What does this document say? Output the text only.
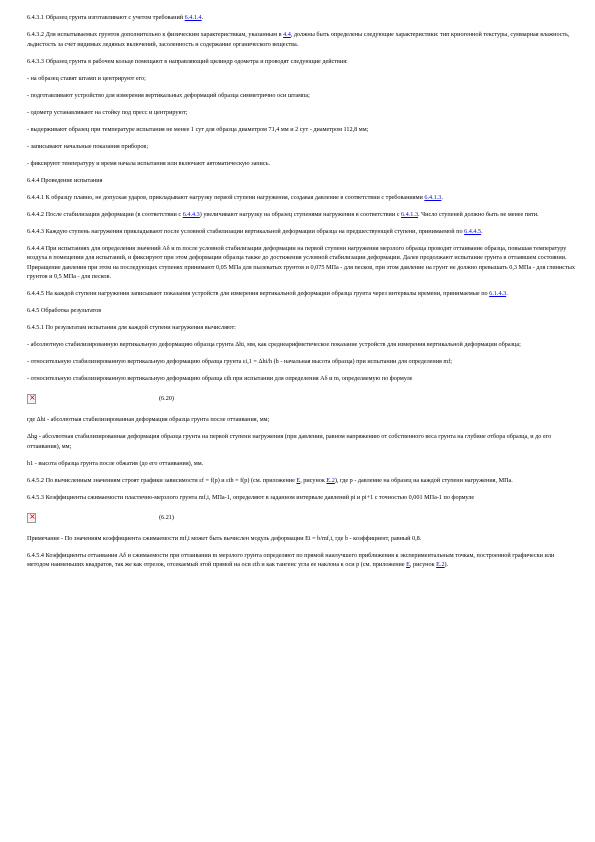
6.4.3.1 Образец грунта изготавливают с учетом требований 6.4.1.4.

6.4.3.2 Для испытываемых грунтов дополнительно к физическим характеристикам, указанным в 4.4, должны быть определены следующие характеристики: тип криогенной текстуры, суммарная влажность, льдистость за счет видимых ледяных включений, засоленность и содержание органического вещества.

6.4.3.3 Образец грунта в рабочем кольце помещают в направляющий цилиндр одометра и проводят следующие действия:

- на образец ставят штамп и центрируют его;

- подготавливают устройство для измерения вертикальных деформаций образца симметрично оси штампа;

- одометр устанавливают на стойку под пресс и центрируют;

- выдерживают образец при температуре испытания не менее 1 сут для образца диаметром 71,4 мм и 2 сут - диаметром 112,8 мм;

- записывают начальные показания приборов;

- фиксируют температуру и время начала испытания или включают автоматическую запись.

6.4.4 Проведение испытания

6.4.4.1 К образцу плавно, не допуская ударов, прикладывают нагрузку первой ступени нагружения, создавая давление в соответствии с требованиями 6.4.1.3.

6.4.4.2 После стабилизации деформации (в соответствии с 6.4.4.3) увеличивают нагрузку на образец ступенями нагружения в соответствии с 6.4.1.3. Число ступеней должно быть не менее пяти.

6.4.4.3 Каждую ступень нагружения прикладывают после условной стабилизации вертикальной деформации образца на предшествующей ступени, принимаемой по 6.4.4.5.

6.4.4.4 При испытаниях для определения значений Аδ и m после условной стабилизации деформации на первой ступени нагружения мерзлого образца проводят оттаивание образца, повышая температуру воздуха в помещении для испытаний, и фиксируют при этом деформации образца также до достижения условной стабилизации деформации. Далее продолжают испытание грунта в оттаявшем состоянии. Приращение давления при этом на последующих ступенях принимают 0,05 МПа для пылеватых грунтов и 0,075 МПа - для песков, при этом давление на грунт не должно превышать 0,3 МПа - для глинистых грунтов и 0,5 МПа - для песков.

6.4.4.5 На каждой ступени нагружения записывают показания устройств для измерения вертикальной деформации образца грунта через интервалы времени, принимаемые по 6.1.4.3.

6.4.5 Обработка результатов

6.4.5.1 По результатам испытания для каждой ступени нагружения вычисляют:

- абсолютную стабилизированную вертикальную деформацию образца грунта Δhi, мм, как среднеарифметическое показание устройств для измерения вертикальной деформации образца;

- относительную стабилизированную вертикальную деформацию образца грунта εi,1 = Δhi/h (h - начальная высота образца) при испытании для определения mf;

- относительную стабилизированную вертикальную деформацию образца εth при испытании для определения Аδ и m, определяемую по формуле

×
(6.20)

где Δhi - абсолютная стабилизированная деформация образца грунта после оттаивания, мм;

Δhg - абсолютная стабилизированная деформация образца грунта на первой ступени нагружения (при давлении, равном напряжению от собственного веса грунта на глубине отбора образца, и до его оттаивания), мм;

h1 - высота образца грунта после обжатия (до его оттаивания), мм.

6.4.5.2 По вычисленным значениям строят графики зависимости εf = f(p) и εth = f(p) (см. приложение Е, рисунок Е.2), где p - давление на образец на каждой ступени нагружения, МПа.

6.4.5.3 Коэффициенты сжимаемости пластично-мерзлого грунта mf,i, МПа-1, определяют в заданном интервале давлений pi и pi+1 с точностью 0,001 МПа-1 по формуле

×
(6.21)

Примечание - По значениям коэффициента сжимаемости mf,i может быть вычислен модуль деформации Ei = b/mf,i, где b - коэффициент, равный 0,8.

6.4.5.4 Коэффициенты оттаивания Аδ и сжимаемости при оттаивании m мерзлого грунта определяют по прямой наилучшего приближения к экспериментальным точкам, построенной графически или методом наименьших квадратов, так же как отрезок, отсекаемый этой прямой на оси εth и как тангенс угла ее наклона к оси p (см. приложение Е, рисунок Е.2).
